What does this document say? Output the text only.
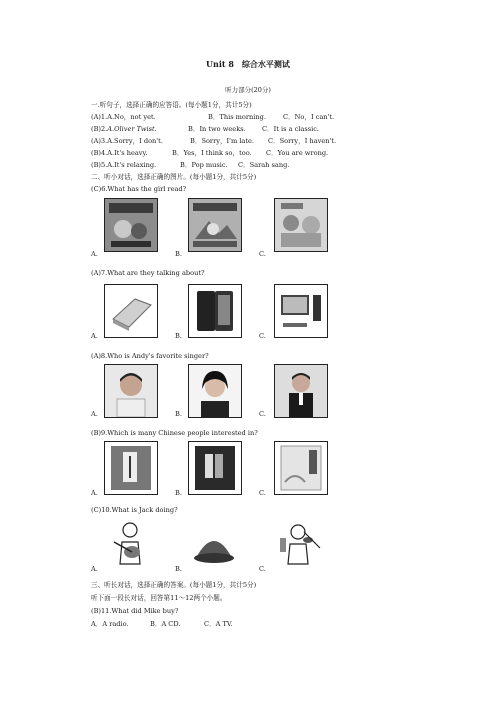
Unit 8　综合水平测试
听力部分(20分)
一.听句子，选择正确的应答语。(每小题1分，共计5分)
(A)1.A.No，not yet.	B．This morning.	C．No，I can't.
(B)2.A.Oliver Twist.	B．In two weeks. C．It is a classic.
(A)3.A.Sorry，I don't.	B．Sorry，I'm late. C．Sorry，I haven't.
(B)4.A.It's heavy.	B．Yes，I think so，too. C．You are wrong.
(B)5.A.It's relaxing.	B．Pop music. C．Sarah sang.
二、听小对话，选择正确的图片。(每小题1分，共计5分)
(C)6.What has the girl read?
A.	B.	C.
(A)7.What are they talking about?
A.	B.	C.
(A)8.Who is Andy's favorite singer?
A.	B.	C.
(B)9.Which is many Chinese people interested in?
A.	B.	C.
(C)10.What is Jack doing?
A.	B.	C.
三、听长对话，选择正确的答案。(每小题1分，共计5分)
听下面一段长对话，回答第11～12两个小题。
(B)11.What did Mike buy?
A．A radio.	B．A CD.	C．A TV.
